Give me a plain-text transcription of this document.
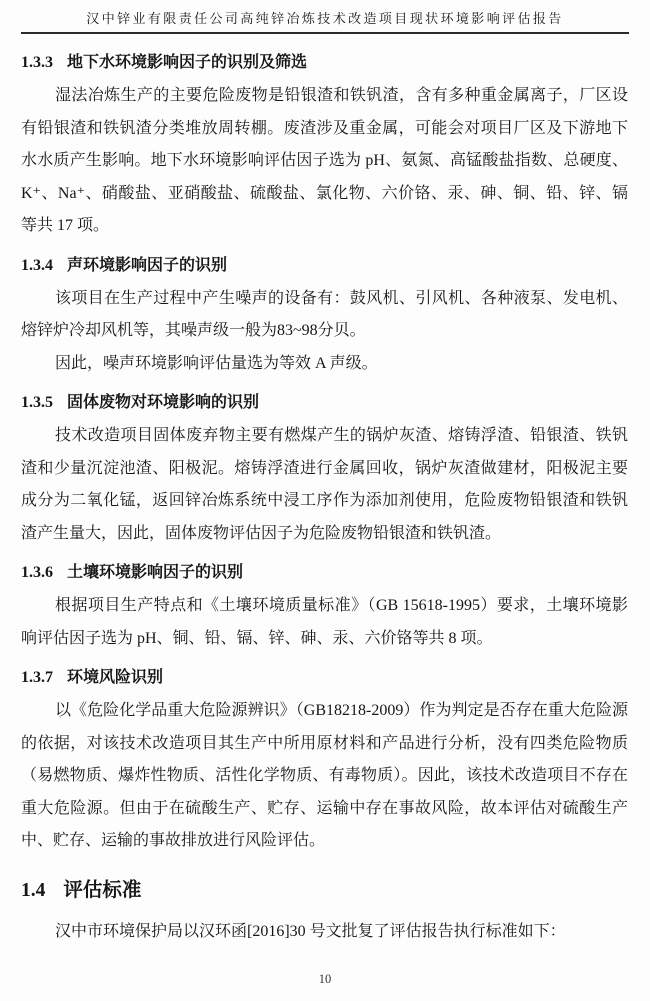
汉中锌业有限责任公司高纯锌冶炼技术改造项目现状环境影响评估报告
1.3.3 地下水环境影响因子的识别及筛选

湿法冶炼生产的主要危险废物是铅银渣和铁钒渣，含有多种重金属离子，厂区设有铅银渣和铁钒渣分类堆放周转棚。废渣涉及重金属，可能会对项目厂区及下游地下水水质产生影响。地下水环境影响评估因子选为 pH、氨氮、高锰酸盐指数、总硬度、K⁺、Na⁺、硝酸盐、亚硝酸盐、硫酸盐、氯化物、六价铬、汞、砷、铜、铅、锌、镉等共 17 项。

1.3.4 声环境影响因子的识别

该项目在生产过程中产生噪声的设备有：鼓风机、引风机、各种液泵、发电机、熔锌炉冷却风机等，其噪声级一般为83~98分贝。

因此，噪声环境影响评估量选为等效 A 声级。

1.3.5 固体废物对环境影响的识别

技术改造项目固体废弃物主要有燃煤产生的锅炉灰渣、熔铸浮渣、铅银渣、铁钒渣和少量沉淀池渣、阳极泥。熔铸浮渣进行金属回收，锅炉灰渣做建材，阳极泥主要成分为二氧化锰，返回锌冶炼系统中浸工序作为添加剂使用，危险废物铅银渣和铁钒渣产生量大，因此，固体废物评估因子为危险废物铅银渣和铁钒渣。

1.3.6 土壤环境影响因子的识别

根据项目生产特点和《土壤环境质量标准》（GB 15618-1995）要求，土壤环境影响评估因子选为 pH、铜、铅、镉、锌、砷、汞、六价铬等共 8 项。

1.3.7 环境风险识别

以《危险化学品重大危险源辨识》（GB18218-2009）作为判定是否存在重大危险源的依据，对该技术改造项目其生产中所用原材料和产品进行分析，没有四类危险物质（易燃物质、爆炸性物质、活性化学物质、有毒物质）。因此，该技术改造项目不存在重大危险源。但由于在硫酸生产、贮存、运输中存在事故风险，故本评估对硫酸生产中、贮存、运输的事故排放进行风险评估。

1.4 评估标准

汉中市环境保护局以汉环函[2016]30 号文批复了评估报告执行标准如下：

10
